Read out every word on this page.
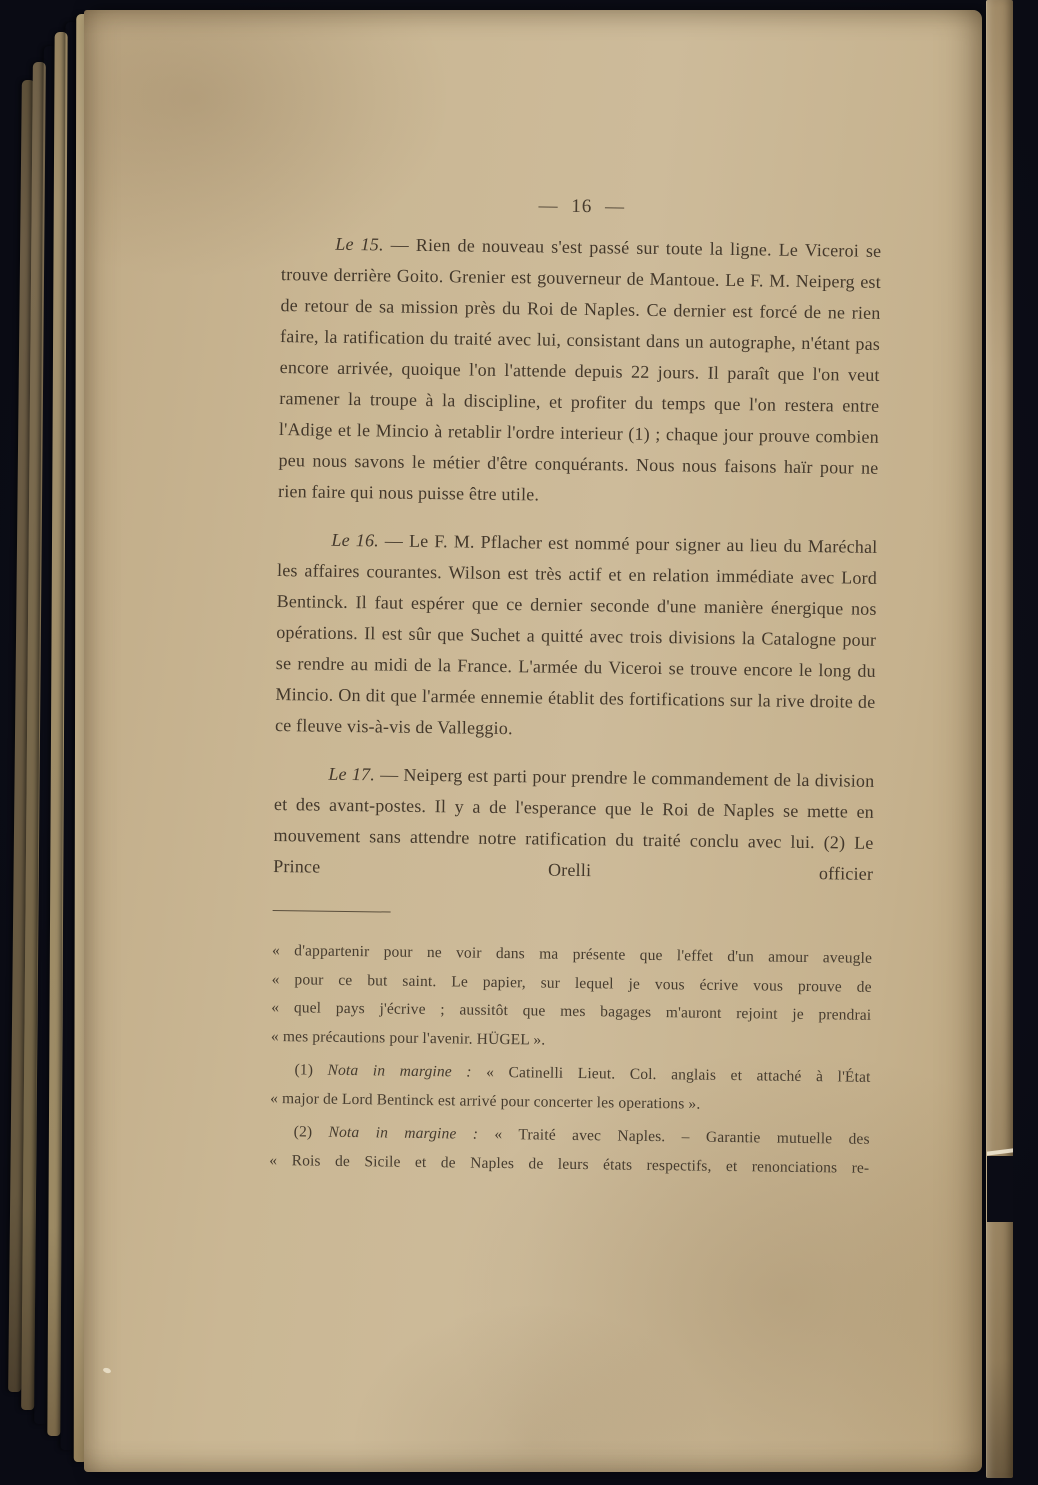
— 16 —

Le 15. — Rien de nouveau s'est passé sur toute la ligne. Le Viceroi se trouve derrière Goito. Grenier est gouverneur de Mantoue. Le F. M. Neiperg est de retour de sa mission près du Roi de Naples. Ce dernier est forcé de ne rien faire, la ratification du traité avec lui, consistant dans un autographe, n'étant pas encore arrivée, quoique l'on l'attende depuis 22 jours. Il paraît que l'on veut ramener la troupe à la discipline, et profiter du temps que l'on restera entre l'Adige et le Mincio à retablir l'ordre interieur (1) ; chaque jour prouve combien peu nous savons le métier d'être conquérants. Nous nous faisons haïr pour ne rien faire qui nous puisse être utile.

Le 16. — Le F. M. Pflacher est nommé pour signer au lieu du Maréchal les affaires courantes. Wilson est très actif et en relation immédiate avec Lord Bentinck. Il faut espérer que ce dernier seconde d'une manière énergique nos opérations. Il est sûr que Suchet a quitté avec trois divisions la Catalogne pour se rendre au midi de la France. L'armée du Viceroi se trouve encore le long du Mincio. On dit que l'armée ennemie établit des fortifications sur la rive droite de ce fleuve vis-à-vis de Valleggio.

Le 17. — Neiperg est parti pour prendre le commandement de la division et des avant-postes. Il y a de l'esperance que le Roi de Naples se mette en mouvement sans attendre notre ratification du traité conclu avec lui. (2) Le Prince Orelli officier

« d'appartenir pour ne voir dans ma présente que l'effet d'un amour aveugle
« pour ce but saint. Le papier, sur lequel je vous écrive vous prouve de
« quel pays j'écrive ; aussitôt que mes bagages m'auront rejoint je prendrai
« mes précautions pour l'avenir. HÜGEL ».
(1) Nota in margine : « Catinelli Lieut. Col. anglais et attaché à l'État
« major de Lord Bentinck est arrivé pour concerter les operations ».
(2) Nota in margine : « Traité avec Naples. – Garantie mutuelle des
« Rois de Sicile et de Naples de leurs états respectifs, et renonciations re-
